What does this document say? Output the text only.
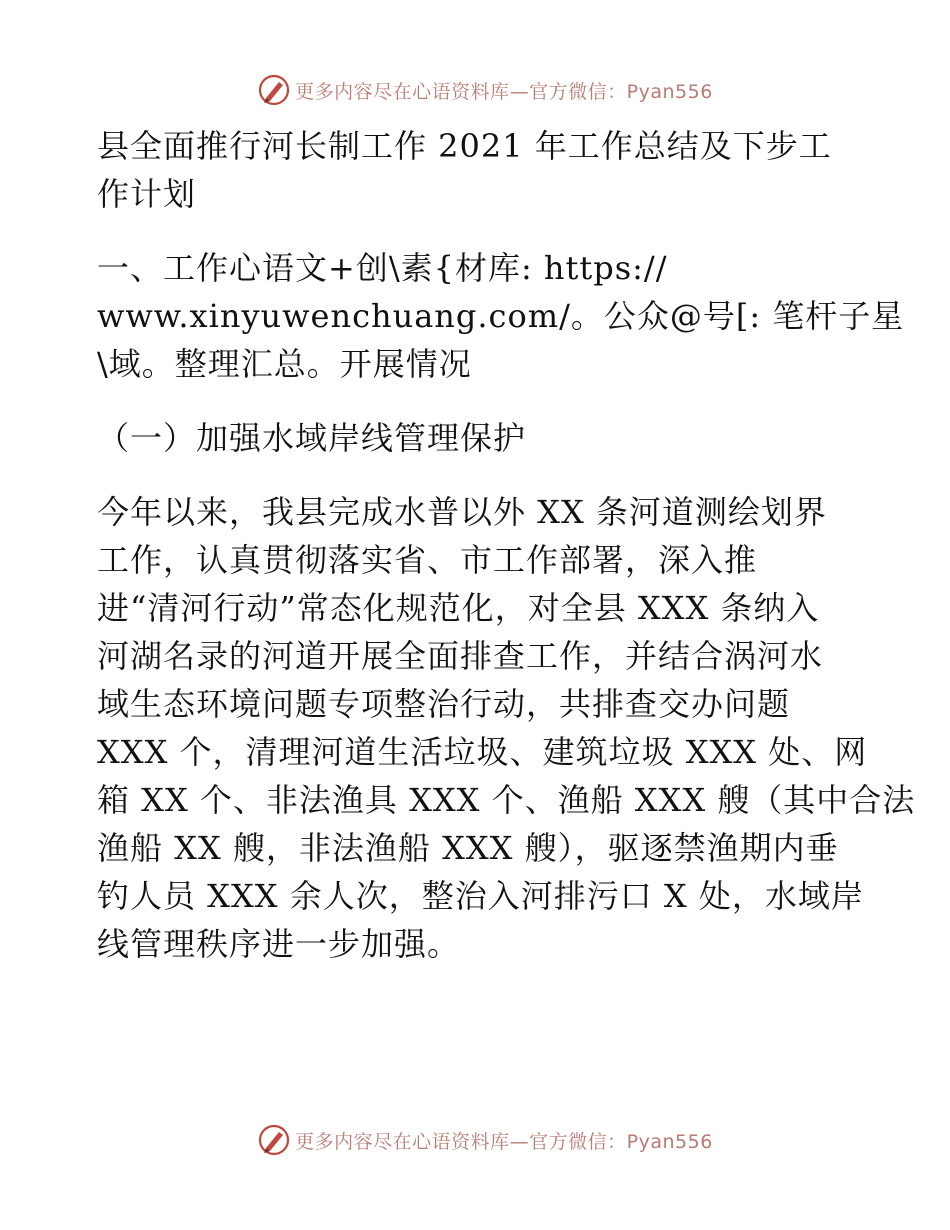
更多内容尽在心语资料库—官方微信：Pyan556
县全面推行河长制工作 2021 年工作总结及下步工
作计划
一、工作心语文+创\素{材库: https://
www.xinyuwenchuang.com/。公众@号[: 笔杆子星
\域。整理汇总。开展情况
（一）加强水域岸线管理保护
今年以来，我县完成水普以外 XX 条河道测绘划界
工作，认真贯彻落实省、市工作部署，深入推
进“清河行动”常态化规范化，对全县 XXX 条纳入
河湖名录的河道开展全面排查工作，并结合涡河水
域生态环境问题专项整治行动，共排查交办问题
XXX 个，清理河道生活垃圾、建筑垃圾 XXX 处、网
箱 XX 个、非法渔具 XXX 个、渔船 XXX 艘（其中合法
渔船 XX 艘，非法渔船 XXX 艘），驱逐禁渔期内垂
钓人员 XXX 余人次，整治入河排污口 X 处，水域岸
线管理秩序进一步加强。
更多内容尽在心语资料库—官方微信：Pyan556
